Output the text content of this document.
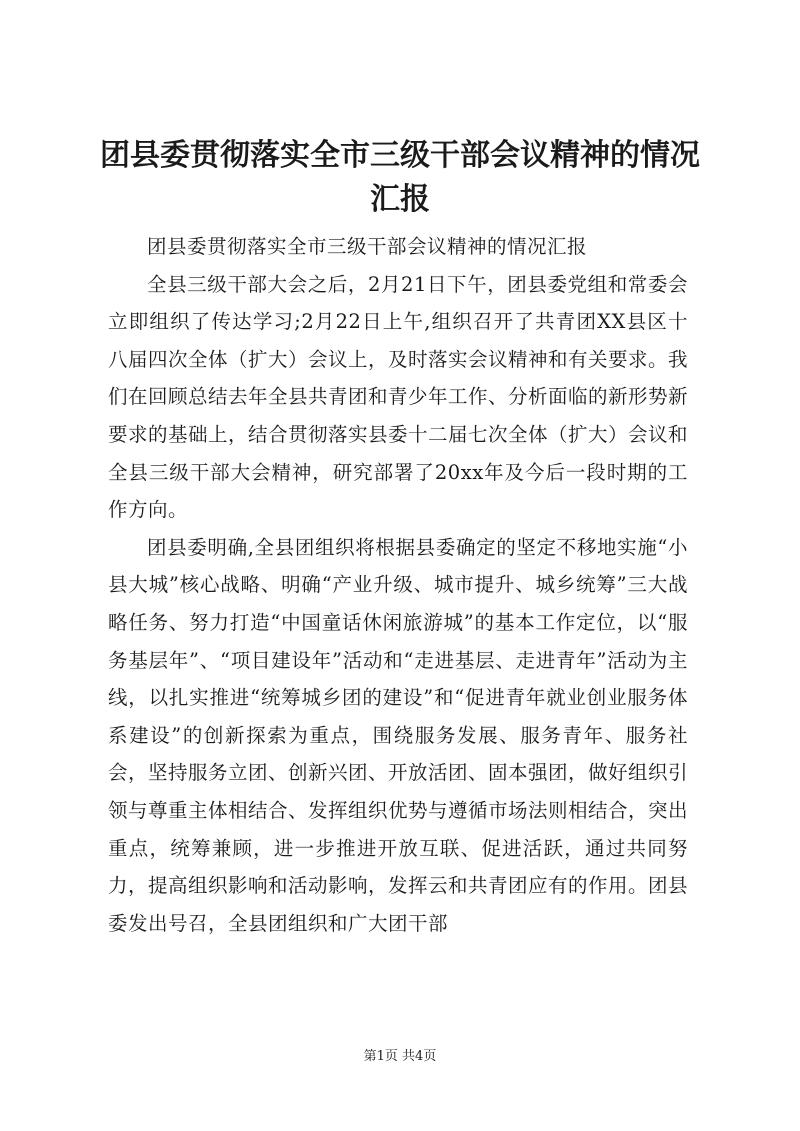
团县委贯彻落实全市三级干部会议精神的情况汇报

团县委贯彻落实全市三级干部会议精神的情况汇报

全县三级干部大会之后，2月21日下午，团县委党组和常委会立即组织了传达学习;2月22日上午,组织召开了共青团XX县区十八届四次全体（扩大）会议上，及时落实会议精神和有关要求。我们在回顾总结去年全县共青团和青少年工作、分析面临的新形势新要求的基础上，结合贯彻落实县委十二届七次全体（扩大）会议和全县三级干部大会精神，研究部署了20xx年及今后一段时期的工作方向。

团县委明确,全县团组织将根据县委确定的坚定不移地实施“小县大城”核心战略、明确“产业升级、城市提升、城乡统筹”三大战略任务、努力打造“中国童话休闲旅游城”的基本工作定位，以“服务基层年”、“项目建设年”活动和“走进基层、走进青年”活动为主线，以扎实推进“统筹城乡团的建设”和“促进青年就业创业服务体系建设”的创新探索为重点，围绕服务发展、服务青年、服务社会，坚持服务立团、创新兴团、开放活团、固本强团，做好组织引领与尊重主体相结合、发挥组织优势与遵循市场法则相结合，突出重点，统筹兼顾，进一步推进开放互联、促进活跃，通过共同努力，提高组织影响和活动影响，发挥云和共青团应有的作用。团县委发出号召，全县团组织和广大团干部

第1页 共4页
